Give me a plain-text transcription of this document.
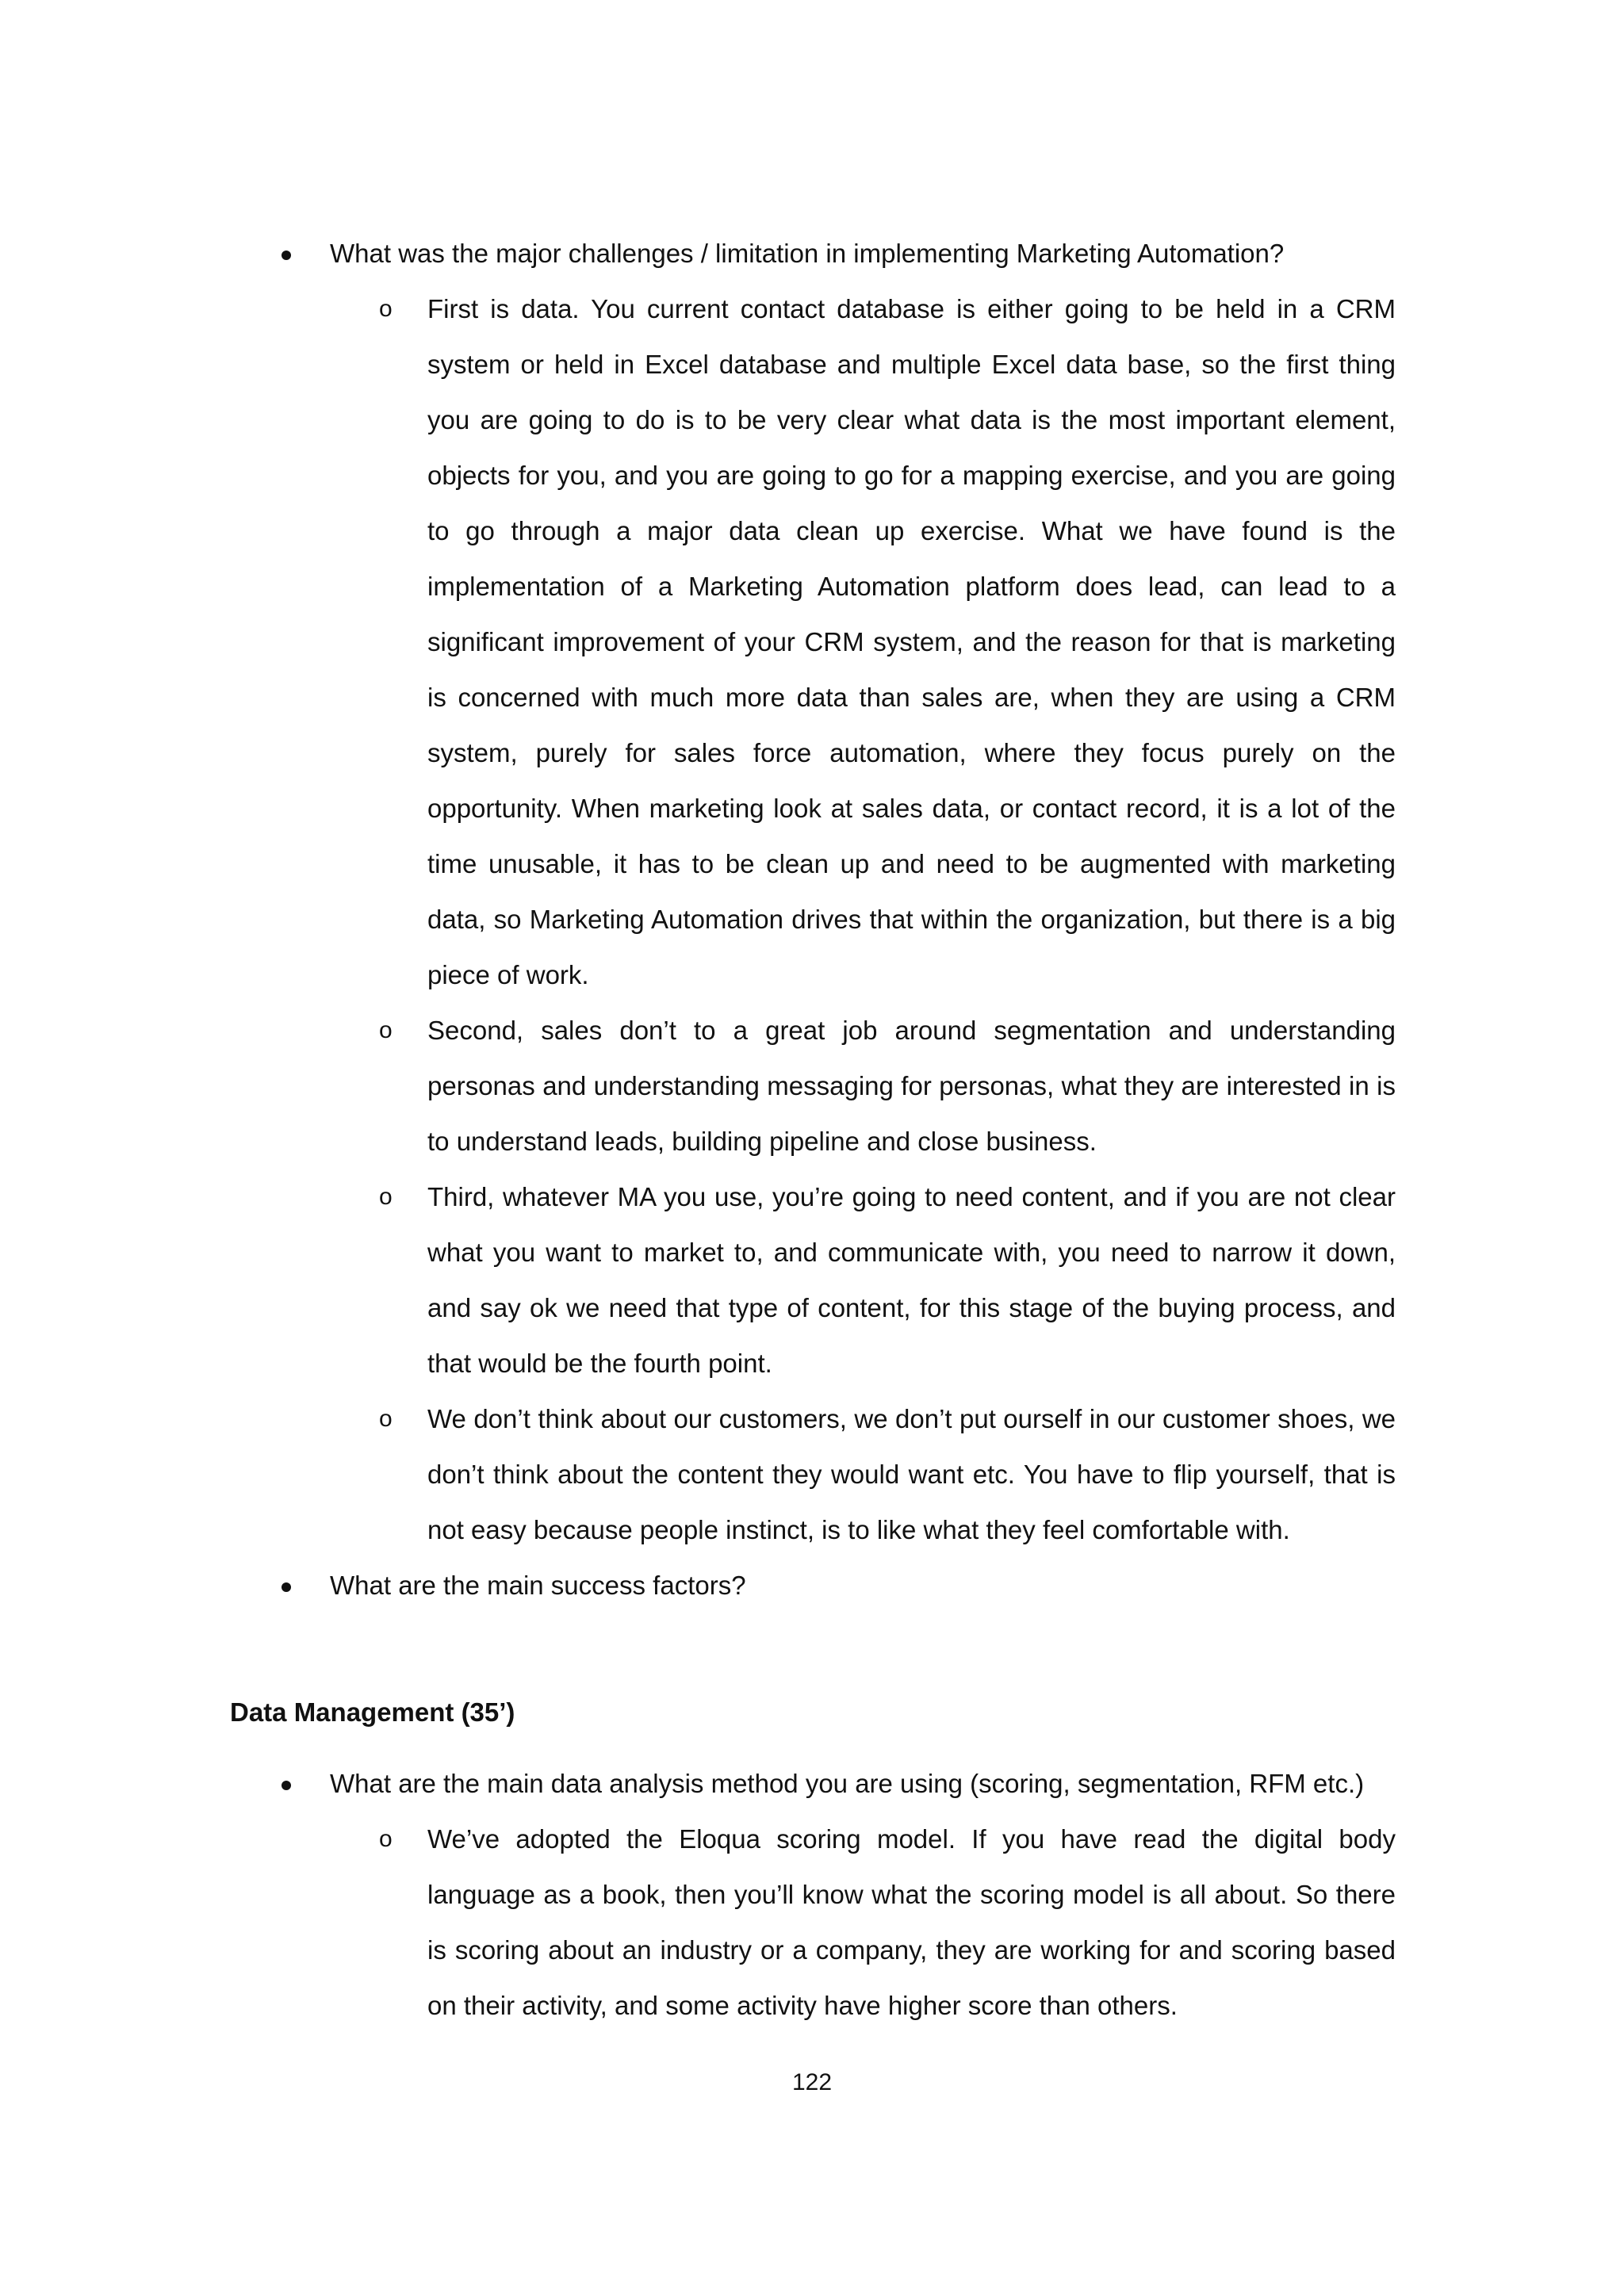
What was the major challenges / limitation in implementing Marketing Automation?
o First is data. You current contact database is either going to be held in a CRM system or held in Excel database and multiple Excel data base, so the first thing you are going to do is to be very clear what data is the most important element, objects for you, and you are going to go for a mapping exercise, and you are going to go through a major data clean up exercise. What we have found is the implementation of a Marketing Automation platform does lead, can lead to a significant improvement of your CRM system, and the reason for that is marketing is concerned with much more data than sales are, when they are using a CRM system, purely for sales force automation, where they focus purely on the opportunity. When marketing look at sales data, or contact record, it is a lot of the time unusable, it has to be clean up and need to be augmented with marketing data, so Marketing Automation drives that within the organization, but there is a big piece of work.
o Second, sales don’t to a great job around segmentation and understanding personas and understanding messaging for personas, what they are interested in is to understand leads, building pipeline and close business.
o Third, whatever MA you use, you’re going to need content, and if you are not clear what you want to market to, and communicate with, you need to narrow it down, and say ok we need that type of content, for this stage of the buying process, and that would be the fourth point.
o We don’t think about our customers, we don’t put ourself in our customer shoes, we don’t think about the content they would want etc. You have to flip yourself, that is not easy because people instinct, is to like what they feel comfortable with.
What are the main success factors?
Data Management (35’)
What are the main data analysis method you are using (scoring, segmentation, RFM etc.)
o We’ve adopted the Eloqua scoring model. If you have read the digital body language as a book, then you’ll know what the scoring model is all about. So there is scoring about an industry or a company, they are working for and scoring based on their activity, and some activity have higher score than others.
122
